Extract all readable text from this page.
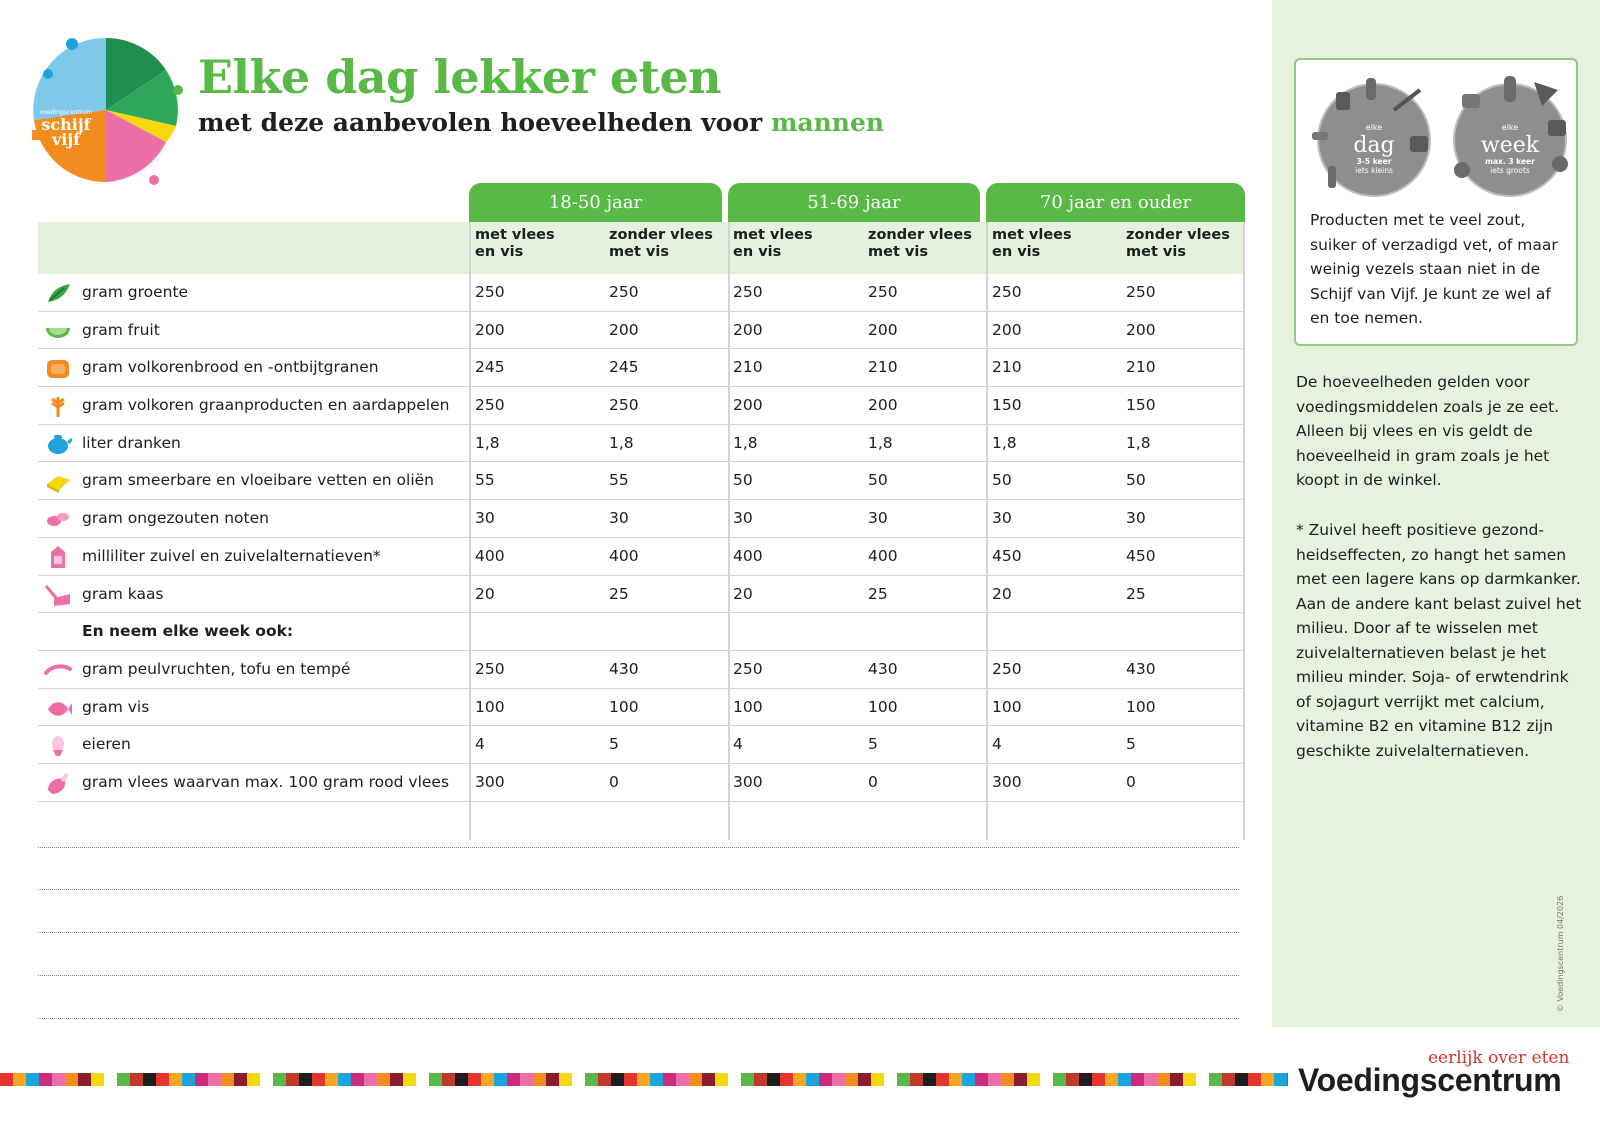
voedingscentrum
schijf
vijf
Elke dag lekker eten
met deze aanbevolen hoeveelheden voor mannen
18-50 jaar	51-69 jaar	70 jaar en ouder
met vlees
en vis
zonder vlees
met vis
met vlees
en vis
zonder vlees
met vis
met vlees
en vis
zonder vlees
met vis
gram groente	250	250	250	250	250	250
gram fruit	200	200	200	200	200	200
gram volkorenbrood en -ontbijtgranen	245	245	210	210	210	210
gram volkoren graanproducten en aardappelen 250	250	200	200	150	150
liter dranken	1,8	1,8	1,8	1,8	1,8	1,8
gram smeerbare en vloeibare vetten en oliën	55	55	50	50	50	50
gram ongezouten noten	30	30	30	30	30	30
milliliter zuivel en zuivelalternatieven*	400	400	400	400	450	450
gram kaas	20	25	20	25	20	25
En neem elke week ook:
gram peulvruchten, tofu en tempé	250	430	250	430	250	430
gram vis	100	100	100	100	100	100
eieren	4	5	4	5	4	5
gram vlees waarvan max. 100 gram rood vlees 300	0	300	0	300	0
elke
dag
3-5 keer
iets kleins
elke
week
max. 3 keer
iets groots
Producten met te veel zout, suiker of verzadigd vet, of maar weinig vezels staan niet in de Schijf van Vijf. Je kunt ze wel af en toe nemen.
De hoeveelheden gelden voor voedingsmiddelen zoals je ze eet. Alleen bij vlees en vis geldt de hoeveelheid in gram zoals je het koopt in de winkel.
* Zuivel heeft positieve gezondheidseffecten, zo hangt het samen met een lagere kans op darmkanker. Aan de andere kant belast zuivel het milieu. Door af te wisselen met zuivelalternatieven belast je het milieu minder. Soja- of erwtendrink of sojagurt verrijkt met calcium, vitamine B2 en vitamine B12 zijn geschikte zuivelalternatieven.
© Voedingscentrum 04/2026
eerlijk over eten
Voedingscentrum
